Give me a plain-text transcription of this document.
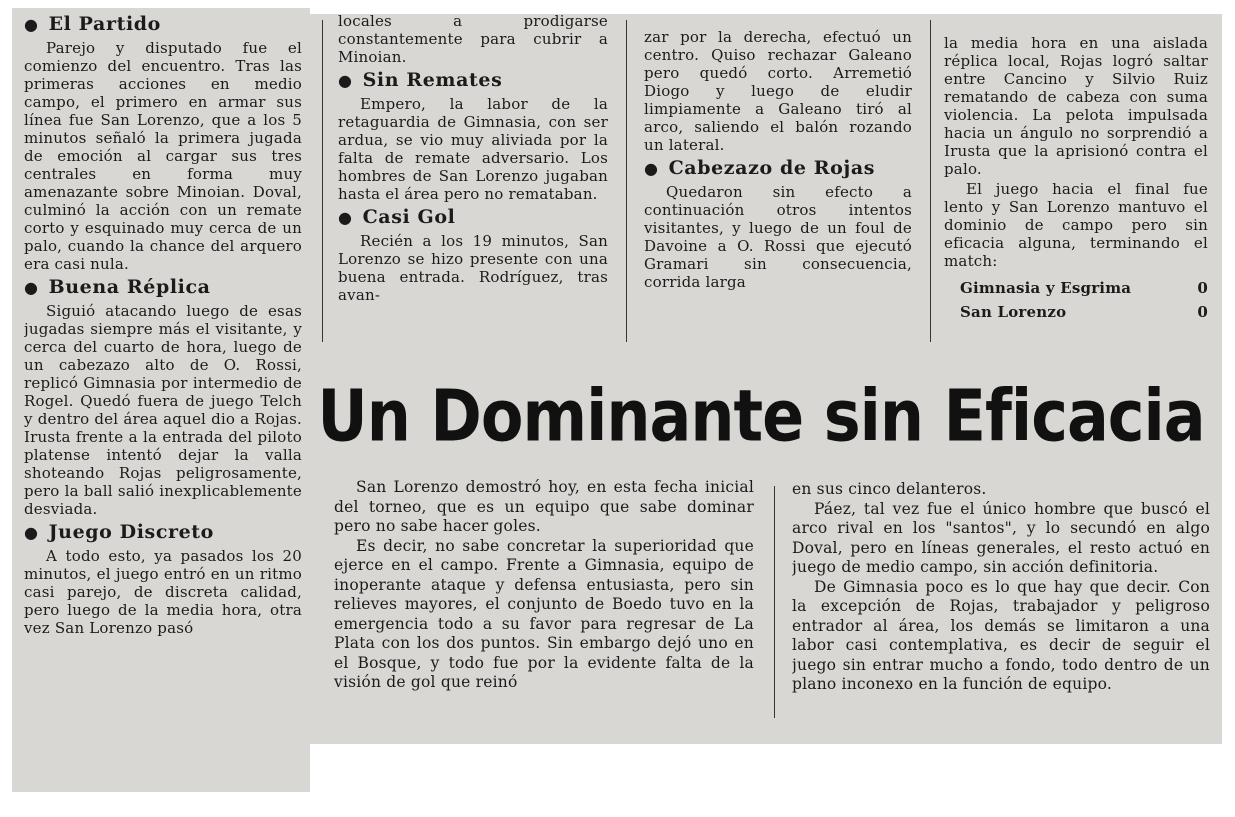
● El Partido

Parejo y disputado fue el comienzo del encuentro. Tras las primeras acciones en medio campo, el primero en armar sus línea fue San Lorenzo, que a los 5 minutos señaló la primera jugada de emoción al cargar sus tres centrales en forma muy amenazante sobre Minoian. Doval, culminó la acción con un remate corto y esquinado muy cerca de un palo, cuando la chance del arquero era casi nula.

● Buena Réplica

Siguió atacando luego de esas jugadas siempre más el visitante, y cerca del cuarto de hora, luego de un cabezazo alto de O. Rossi, replicó Gimnasia por intermedio de Rogel. Quedó fuera de juego Telch y dentro del área aquel dio a Rojas. Irusta frente a la entrada del piloto platense intentó dejar la valla shoteando Rojas peligrosamente, pero la ball salió inexplicablemente desviada.

● Juego Discreto

A todo esto, ya pasados los 20 minutos, el juego entró en un ritmo casi parejo, de discreta calidad, pero luego de la media hora, otra vez San Lorenzo pasó

locales a prodigarse constantemente para cubrir a Minoian.

● Sin Remates

Empero, la labor de la retaguardia de Gimnasia, con ser ardua, se vio muy aliviada por la falta de remate adversario. Los hombres de San Lorenzo jugaban hasta el área pero no remataban.

● Casi Gol

Recién a los 19 minutos, San Lorenzo se hizo presente con una buena entrada. Rodríguez, tras avan-

zar por la derecha, efectuó un centro. Quiso rechazar Galeano pero quedó corto. Arremetió Diogo y luego de eludir limpiamente a Galeano tiró al arco, saliendo el balón rozando un lateral.

● Cabezazo de Rojas

Quedaron sin efecto a continuación otros intentos visitantes, y luego de un foul de Davoine a O. Rossi que ejecutó Gramari sin consecuencia, corrida larga

la media hora en una aislada réplica local, Rojas logró saltar entre Cancino y Silvio Ruiz rematando de cabeza con suma violencia. La pelota impulsada hacia un ángulo no sorprendió a Irusta que la aprisionó contra el palo.

El juego hacia el final fue lento y San Lorenzo mantuvo el dominio de campo pero sin eficacia alguna, terminando el match:

Gimnasia y Esgrima	0
San Lorenzo	0
Un Dominante sin Eficacia

San Lorenzo demostró hoy, en esta fecha inicial del torneo, que es un equipo que sabe dominar pero no sabe hacer goles.

Es decir, no sabe concretar la superioridad que ejerce en el campo. Frente a Gimnasia, equipo de inoperante ataque y defensa entusiasta, pero sin relieves mayores, el conjunto de Boedo tuvo en la emergencia todo a su favor para regresar de La Plata con los dos puntos. Sin embargo dejó uno en el Bosque, y todo fue por la evidente falta de la visión de gol que reinó

en sus cinco delanteros.

Páez, tal vez fue el único hombre que buscó el arco rival en los "santos", y lo secundó en algo Doval, pero en líneas generales, el resto actuó en juego de medio campo, sin acción definitoria.

De Gimnasia poco es lo que hay que decir. Con la excepción de Rojas, trabajador y peligroso entrador al área, los demás se limitaron a una labor casi contemplativa, es decir de seguir el juego sin entrar mucho a fondo, todo dentro de un plano inconexo en la función de equipo.
